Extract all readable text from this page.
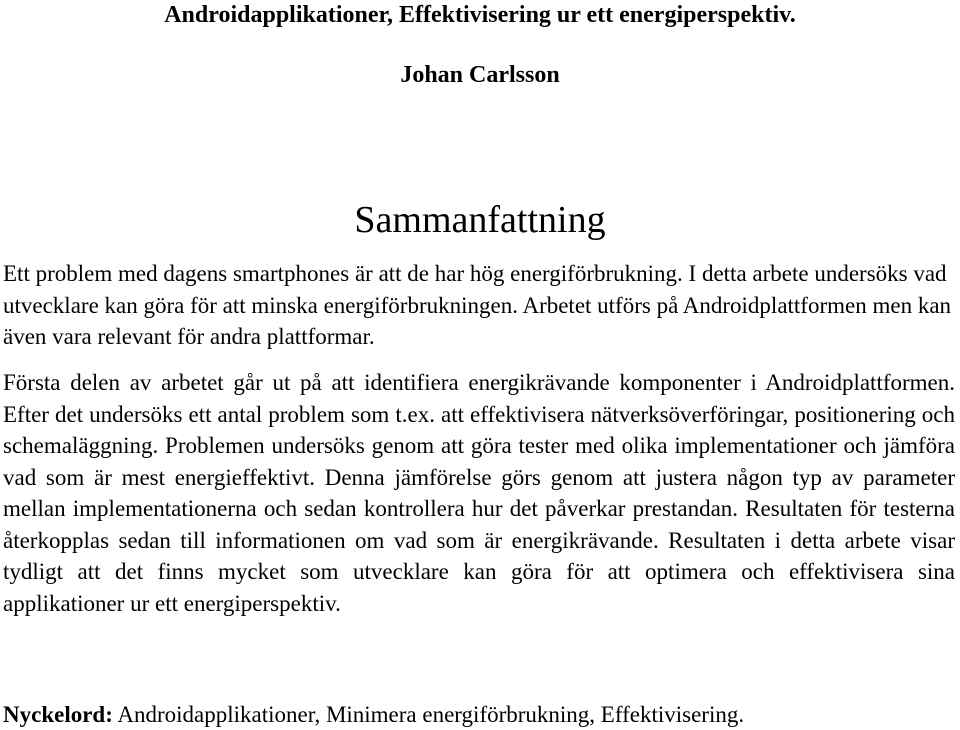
Androidapplikationer, Effektivisering ur ett energiperspektiv.
Johan Carlsson
Sammanfattning

Ett problem med dagens smartphones är att de har hög energiförbrukning. I detta arbete undersöks vad utvecklare kan göra för att minska energiförbrukningen. Arbetet utförs på Androidplattformen men kan även vara relevant för andra plattformar.

Första delen av arbetet går ut på att identifiera energikrävande komponenter i Androidplattformen. Efter det undersöks ett antal problem som t.ex. att effektivisera nätverksöverföringar, positionering och schemaläggning. Problemen undersöks genom att göra tester med olika implementationer och jämföra vad som är mest energieffektivt. Denna jämförelse görs genom att justera någon typ av parameter mellan implementationerna och sedan kontrollera hur det påverkar prestandan. Resultaten för testerna återkopplas sedan till informationen om vad som är energikrävande. Resultaten i detta arbete visar tydligt att det finns mycket som utvecklare kan göra för att optimera och effektivisera sina applikationer ur ett energiperspektiv.

Nyckelord: Androidapplikationer, Minimera energiförbrukning, Effektivisering.
